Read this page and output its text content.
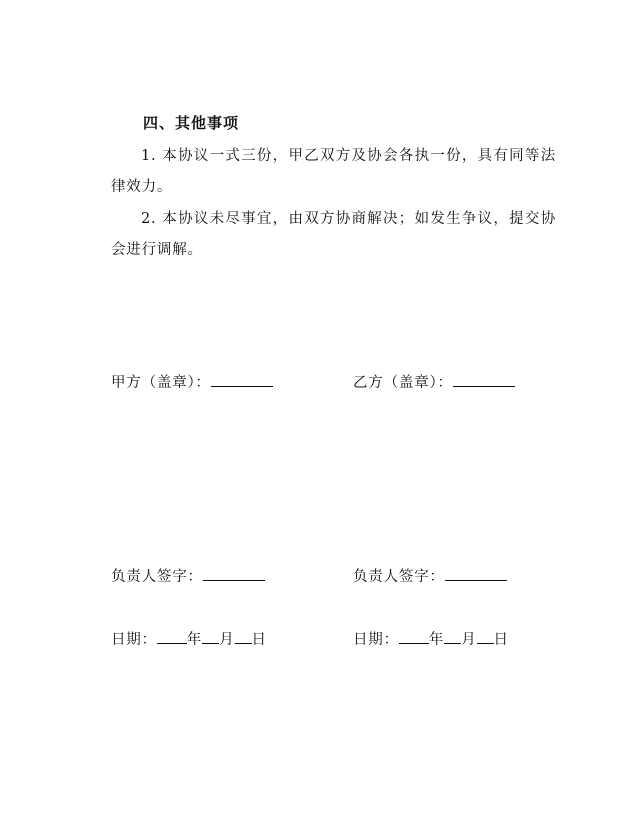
四、其他事项
1. 本协议一式三份，甲乙双方及协会各执一份，具有同等法律效力。
2. 本协议未尽事宜，由双方协商解决；如发生争议，提交协会进行调解。
甲方（盖章）：	乙方（盖章）：
负责人签字：	负责人签字：
日期： 年 月 日	日期： 年 月 日
